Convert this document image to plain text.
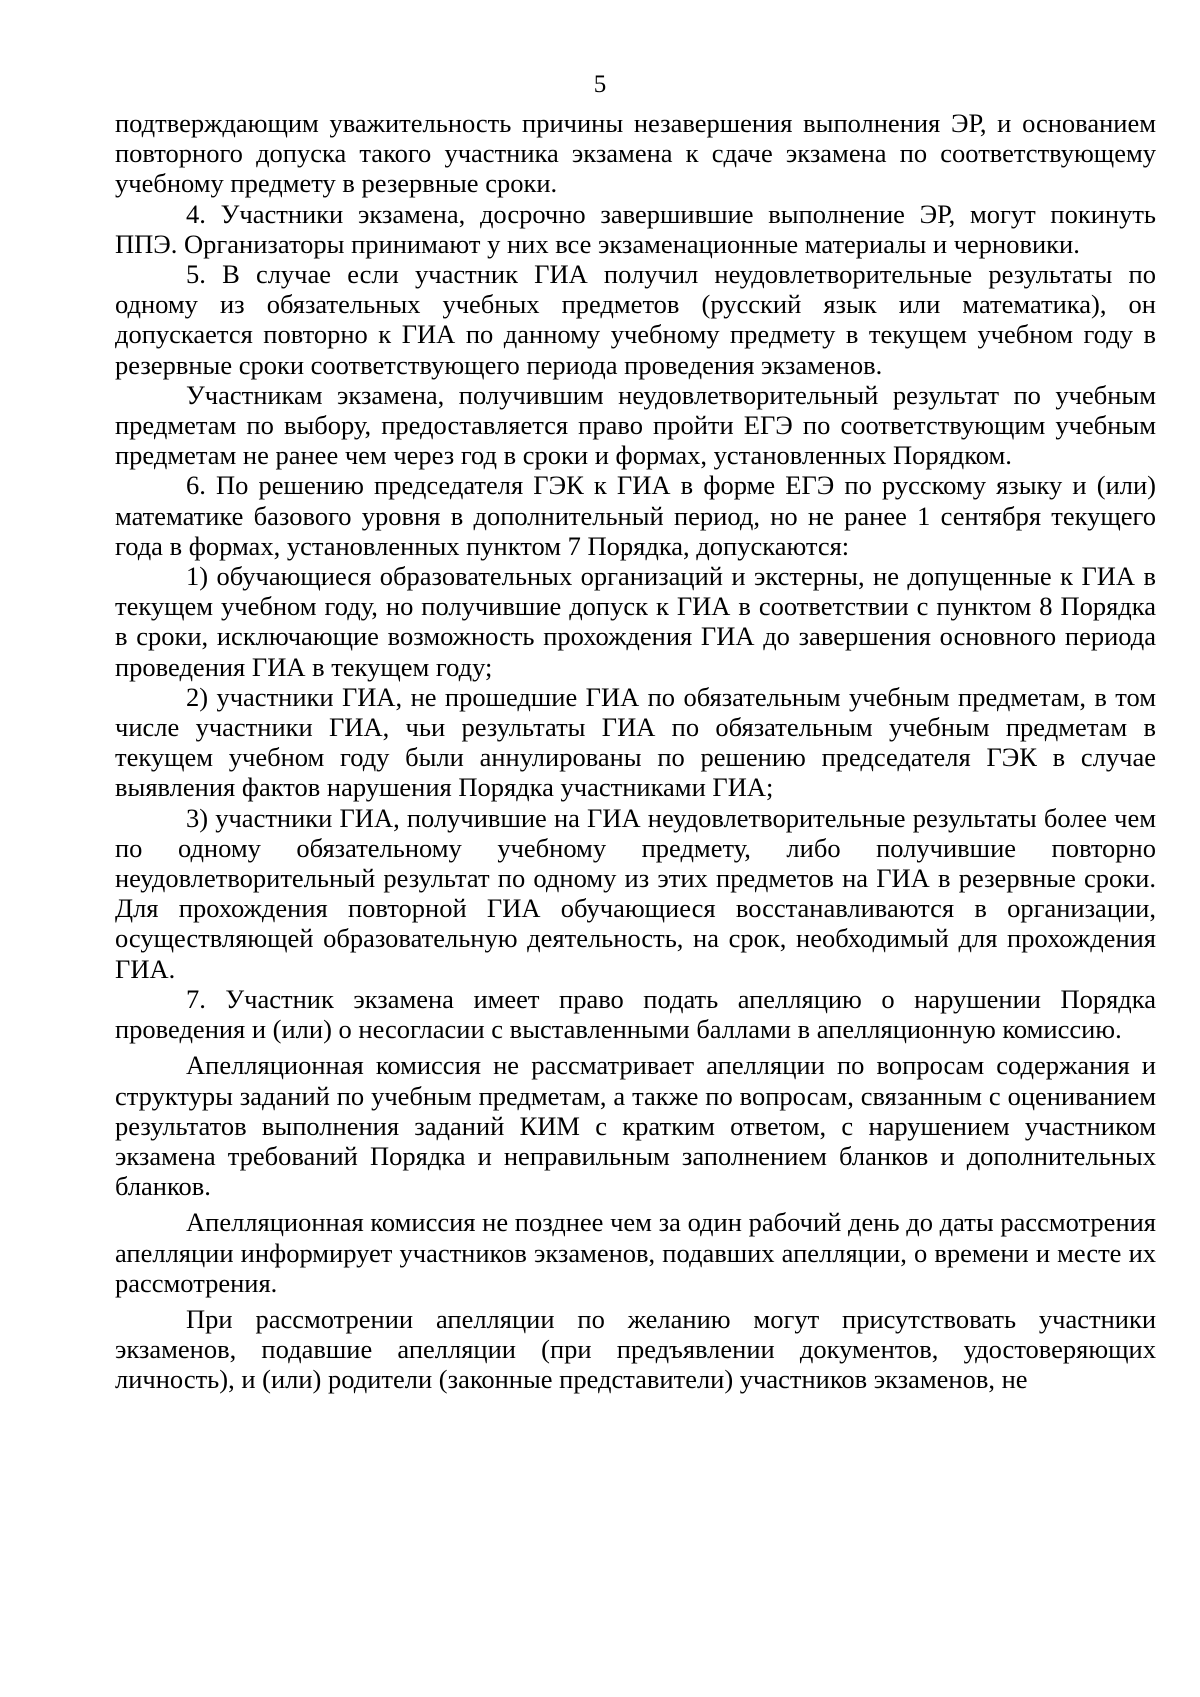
5

подтверждающим уважительность причины незавершения выполнения ЭР, и основанием повторного допуска такого участника экзамена к сдаче экзамена по соответствующему учебному предмету в резервные сроки.

4. Участники экзамена, досрочно завершившие выполнение ЭР, могут покинуть ППЭ. Организаторы принимают у них все экзаменационные материалы и черновики.

5. В случае если участник ГИА получил неудовлетворительные результаты по одному из обязательных учебных предметов (русский язык или математика), он допускается повторно к ГИА по данному учебному предмету в текущем учебном году в резервные сроки соответствующего периода проведения экзаменов.

Участникам экзамена, получившим неудовлетворительный результат по учебным предметам по выбору, предоставляется право пройти ЕГЭ по соответствующим учебным предметам не ранее чем через год в сроки и формах, установленных Порядком.

6. По решению председателя ГЭК к ГИА в форме ЕГЭ по русскому языку и (или) математике базового уровня в дополнительный период, но не ранее 1 сентября текущего года в формах, установленных пунктом 7 Порядка, допускаются:

1) обучающиеся образовательных организаций и экстерны, не допущенные к ГИА в текущем учебном году, но получившие допуск к ГИА в соответствии с пунктом 8 Порядка в сроки, исключающие возможность прохождения ГИА до завершения основного периода проведения ГИА в текущем году;

2) участники ГИА, не прошедшие ГИА по обязательным учебным предметам, в том числе участники ГИА, чьи результаты ГИА по обязательным учебным предметам в текущем учебном году были аннулированы по решению председателя ГЭК в случае выявления фактов нарушения Порядка участниками ГИА;

3) участники ГИА, получившие на ГИА неудовлетворительные результаты более чем по одному обязательному учебному предмету, либо получившие повторно неудовлетворительный результат по одному из этих предметов на ГИА в резервные сроки. Для прохождения повторной ГИА обучающиеся восстанавливаются в организации, осуществляющей образовательную деятельность, на срок, необходимый для прохождения ГИА.

7. Участник экзамена имеет право подать апелляцию о нарушении Порядка проведения и (или) о несогласии с выставленными баллами в апелляционную комиссию.

Апелляционная комиссия не рассматривает апелляции по вопросам содержания и структуры заданий по учебным предметам, а также по вопросам, связанным с оцениванием результатов выполнения заданий КИМ с кратким ответом, с нарушением участником экзамена требований Порядка и неправильным заполнением бланков и дополнительных бланков.

Апелляционная комиссия не позднее чем за один рабочий день до даты рассмотрения апелляции информирует участников экзаменов, подавших апелляции, о времени и месте их рассмотрения.

При рассмотрении апелляции по желанию могут присутствовать участники экзаменов, подавшие апелляции (при предъявлении документов, удостоверяющих личность), и (или) родители (законные представители) участников экзаменов, не
